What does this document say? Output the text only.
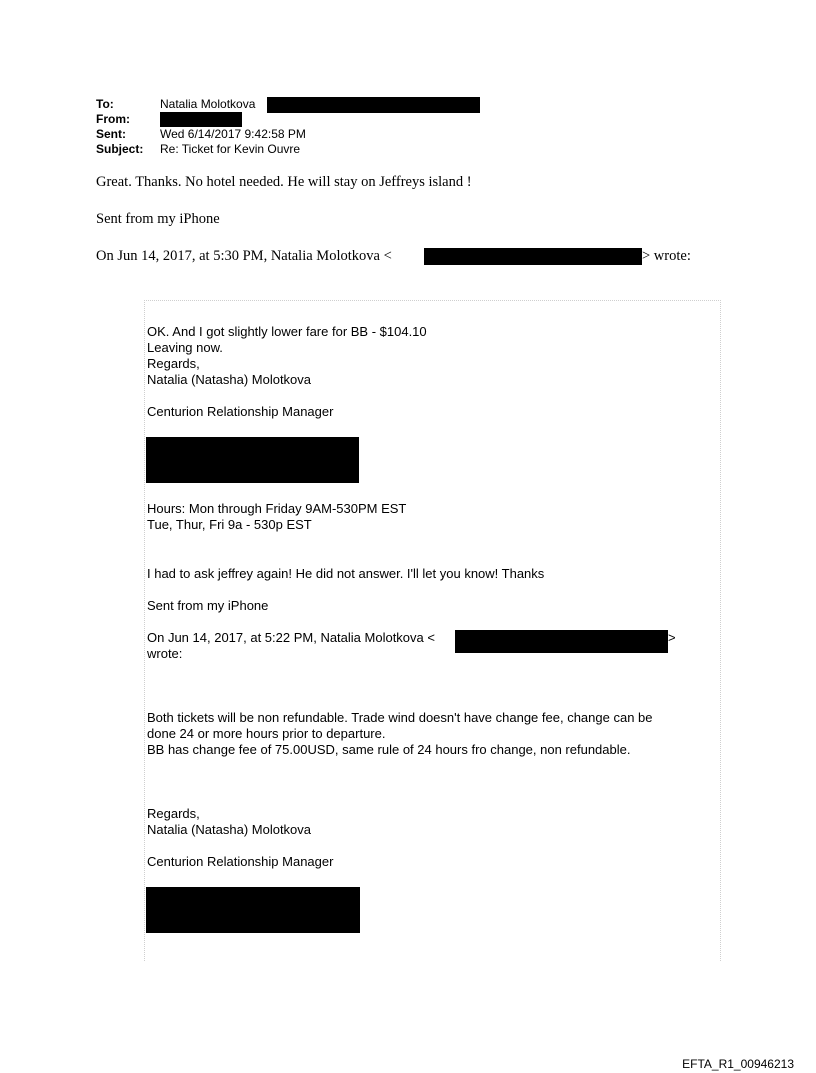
To:	Natalia Molotkova
From:
Sent:	Wed 6/14/2017 9:42:58 PM
Subject: Re: Ticket for Kevin Ouvre
Great. Thanks. No hotel needed. He will stay on Jeffreys island !
Sent from my iPhone
On Jun 14, 2017, at 5:30 PM, Natalia Molotkova <	> wrote:
OK. And I got slightly lower fare for BB - $104.10
Leaving now.
Regards,
Natalia (Natasha) Molotkova
Centurion Relationship Manager
Hours: Mon through Friday 9AM-530PM EST
Tue, Thur, Fri 9a - 530p EST
I had to ask jeffrey again! He did not answer. I'll let you know! Thanks
Sent from my iPhone
On Jun 14, 2017, at 5:22 PM, Natalia Molotkova <	>
wrote:
Both tickets will be non refundable. Trade wind doesn't have change fee, change can be
done 24 or more hours prior to departure.
BB has change fee of 75.00USD, same rule of 24 hours fro change, non refundable.
Regards,
Natalia (Natasha) Molotkova
Centurion Relationship Manager
EFTA_R1_00946213
